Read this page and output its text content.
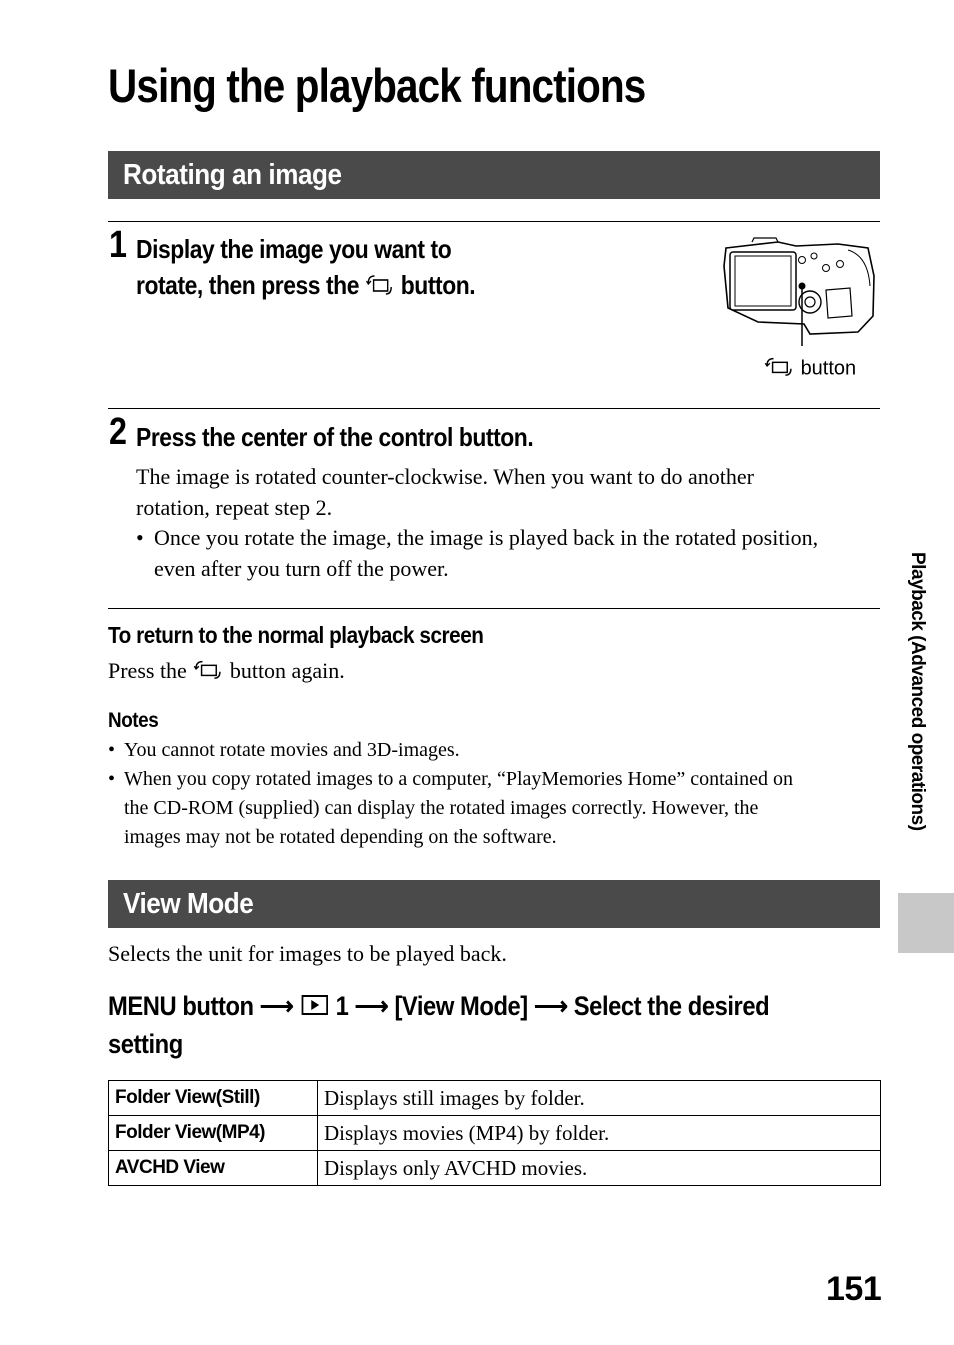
Using the playback functions
Rotating an image
1 Display the image you want to
rotate, then press the button.
button
2 Press the center of the control button.
The image is rotated counter-clockwise. When you want to do another
rotation, repeat step 2.
• Once you rotate the image, the image is played back in the rotated position,
even after you turn off the power.
To return to the normal playback screen
Press the button again.
Notes
• You cannot rotate movies and 3D-images.
• When you copy rotated images to a computer, “PlayMemories Home” contained on
the CD-ROM (supplied) can display the rotated images correctly. However, the
images may not be rotated depending on the software.
View Mode
Selects the unit for images to be played back.
MENU button ⟶ 1 ⟶ [View Mode] ⟶ Select the desired
setting
Folder View(Still)	Displays still images by folder.
Folder View(MP4)	Displays movies (MP4) by folder.
AVCHD View	Displays only AVCHD movies.
Playback (Advanced operations)
151
